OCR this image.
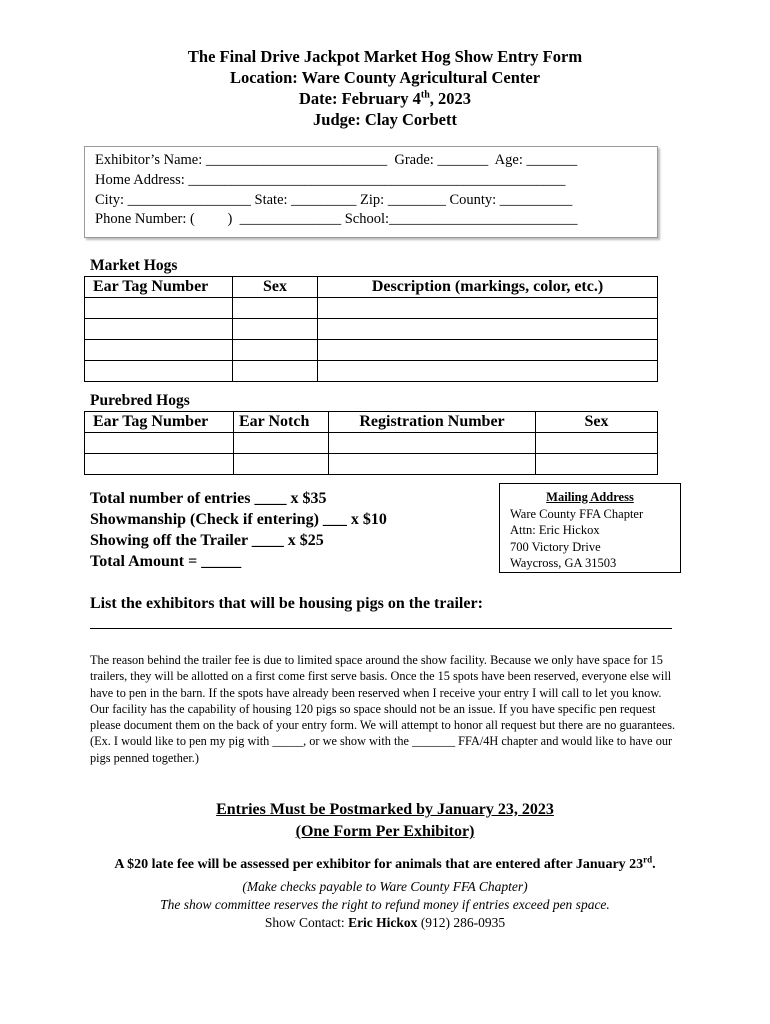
The Final Drive Jackpot Market Hog Show Entry Form
Location: Ware County Agricultural Center
Date: February 4th, 2023
Judge: Clay Corbett
Exhibitor’s Name: _________________________  Grade: _______  Age: _______
Home Address: ____________________________________________________
City: _________________ State: _________ Zip: ________ County: __________
Phone Number: (         )  ______________ School:__________________________
Market Hogs
Ear Tag Number	Sex	Description (markings, color, etc.)

Purebred Hogs
Ear Tag Number	Ear Notch	Registration Number	Sex

Total number of entries ____ x $35
Showmanship (Check if entering) ___ x $10
Showing off the Trailer ____ x $25
Total Amount = _____
Mailing Address
Ware County FFA Chapter
Attn: Eric Hickox
700 Victory Drive
Waycross, GA 31503
List the exhibitors that will be housing pigs on the trailer:
The reason behind the trailer fee is due to limited space around the show facility. Because we only have space for 15 trailers, they will be allotted on a first come first serve basis. Once the 15 spots have been reserved, everyone else will have to pen in the barn. If the spots have already been reserved when I receive your entry I will call to let you know. Our facility has the capability of housing 120 pigs so space should not be an issue. If you have specific pen request please document them on the back of your entry form. We will attempt to honor all request but there are no guarantees. (Ex. I would like to pen my pig with _____, or we show with the _______ FFA/4H chapter and would like to have our pigs penned together.)
Entries Must be Postmarked by January 23, 2023
(One Form Per Exhibitor)
A $20 late fee will be assessed per exhibitor for animals that are entered after January 23rd.
(Make checks payable to Ware County FFA Chapter)
The show committee reserves the right to refund money if entries exceed pen space.
Show Contact: Eric Hickox (912) 286-0935
